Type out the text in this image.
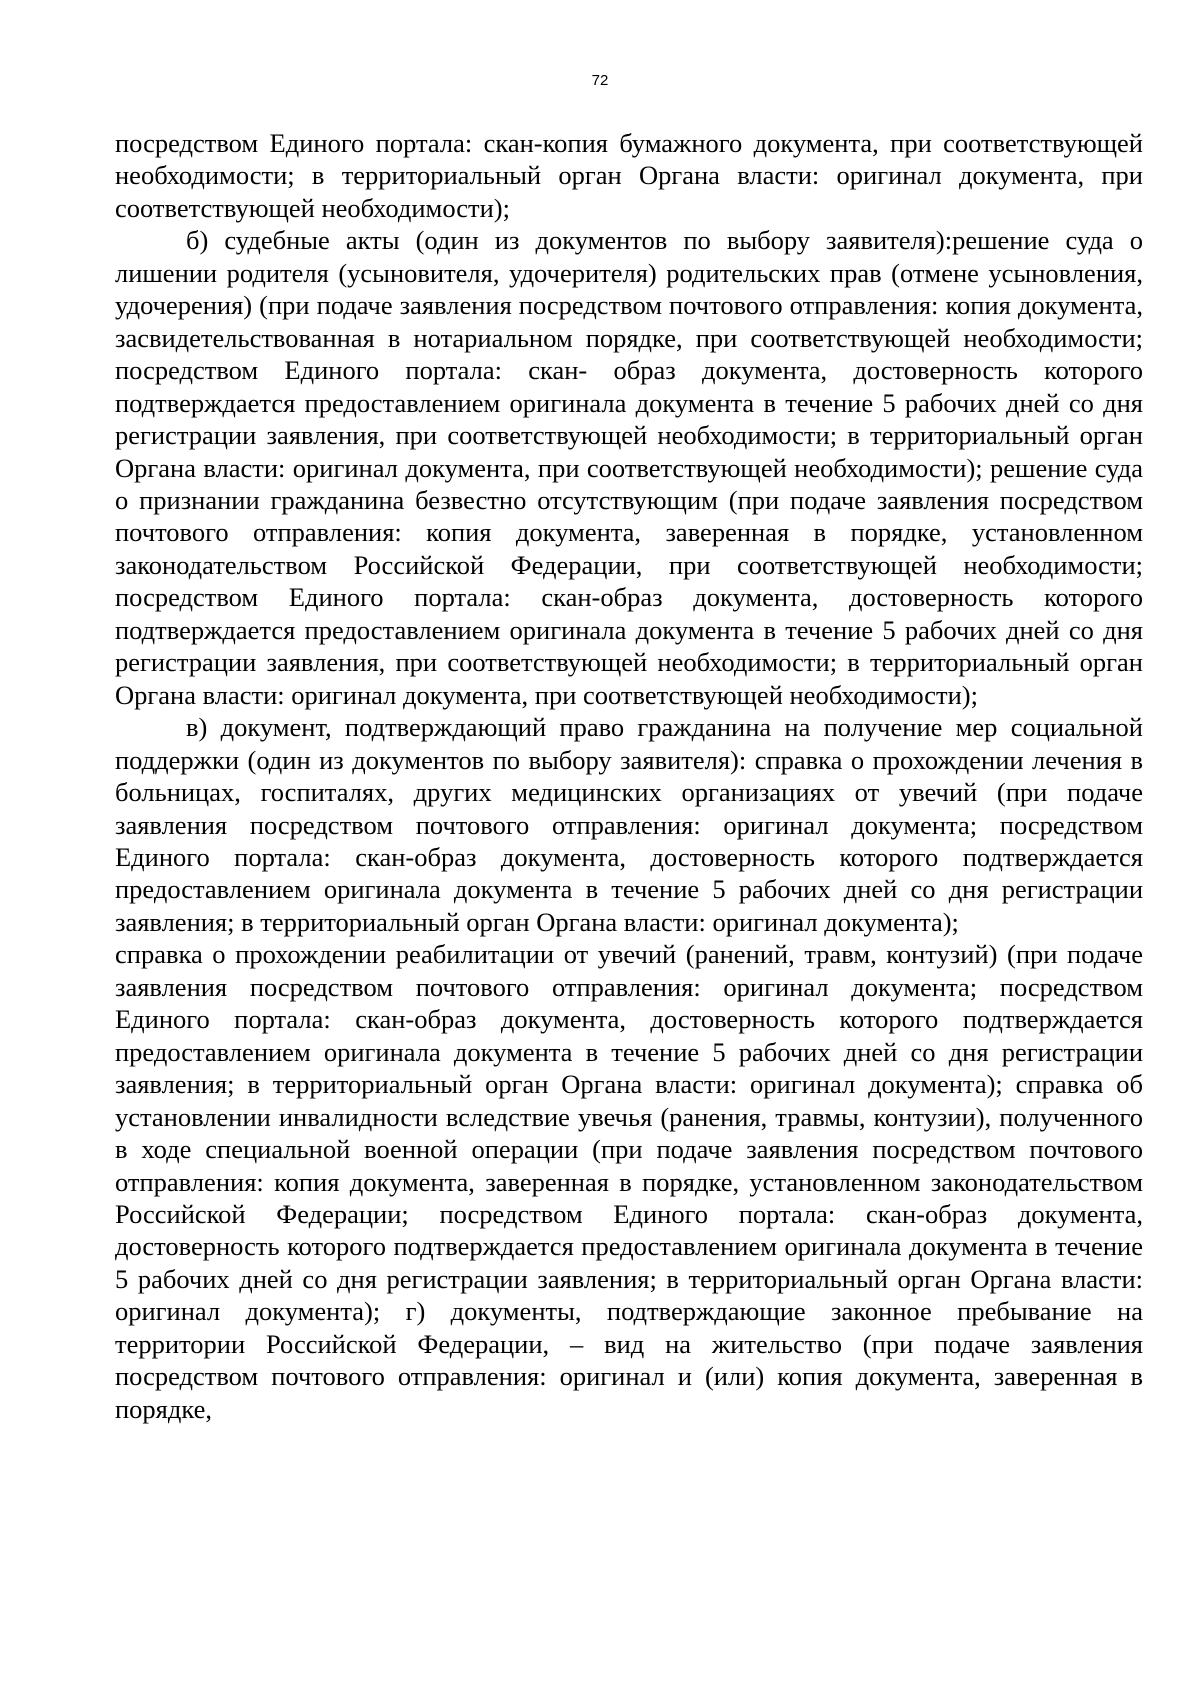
72

посредством Единого портала: скан-копия бумажного документа, при соответствующей необходимости; в территориальный орган Органа власти: оригинал документа, при соответствующей необходимости);

б) судебные акты (один из документов по выбору заявителя):решение суда о лишении родителя (усыновителя, удочерителя) родительских прав (отмене усыновления, удочерения) (при подаче заявления посредством почтового отправления: копия документа, засвидетельствованная в нотариальном порядке, при соответствующей необходимости; посредством Единого портала: скан- образ документа, достоверность которого подтверждается предоставлением оригинала документа в течение 5 рабочих дней со дня регистрации заявления, при соответствующей необходимости; в территориальный орган Органа власти: оригинал документа, при соответствующей необходимости); решение суда о признании гражданина безвестно отсутствующим (при подаче заявления посредством почтового отправления: копия документа, заверенная в порядке, установленном законодательством Российской Федерации, при соответствующей необходимости; посредством Единого портала: скан-образ документа, достоверность которого подтверждается предоставлением оригинала документа в течение 5 рабочих дней со дня регистрации заявления, при соответствующей необходимости; в территориальный орган Органа власти: оригинал документа, при соответствующей необходимости);

в) документ, подтверждающий право гражданина на получение мер социальной поддержки (один из документов по выбору заявителя): справка о прохождении лечения в больницах, госпиталях, других медицинских организациях от увечий (при подаче заявления посредством почтового отправления: оригинал документа; посредством Единого портала: скан-образ документа, достоверность которого подтверждается предоставлением оригинала документа в течение 5 рабочих дней со дня регистрации заявления; в территориальный орган Органа власти: оригинал документа);

справка о прохождении реабилитации от увечий (ранений, травм, контузий) (при подаче заявления посредством почтового отправления: оригинал документа; посредством Единого портала: скан-образ документа, достоверность которого подтверждается предоставлением оригинала документа в течение 5 рабочих дней со дня регистрации заявления; в территориальный орган Органа власти: оригинал документа); справка об установлении инвалидности вследствие увечья (ранения, травмы, контузии), полученного в ходе специальной военной операции (при подаче заявления посредством почтового отправления: копия документа, заверенная в порядке, установленном законодательством Российской Федерации; посредством Единого портала: скан-образ документа, достоверность которого подтверждается предоставлением оригинала документа в течение 5 рабочих дней со дня регистрации заявления; в территориальный орган Органа власти: оригинал документа); г) документы, подтверждающие законное пребывание на территории Российской Федерации, – вид на жительство (при подаче заявления посредством почтового отправления: оригинал и (или) копия документа, заверенная в порядке,
